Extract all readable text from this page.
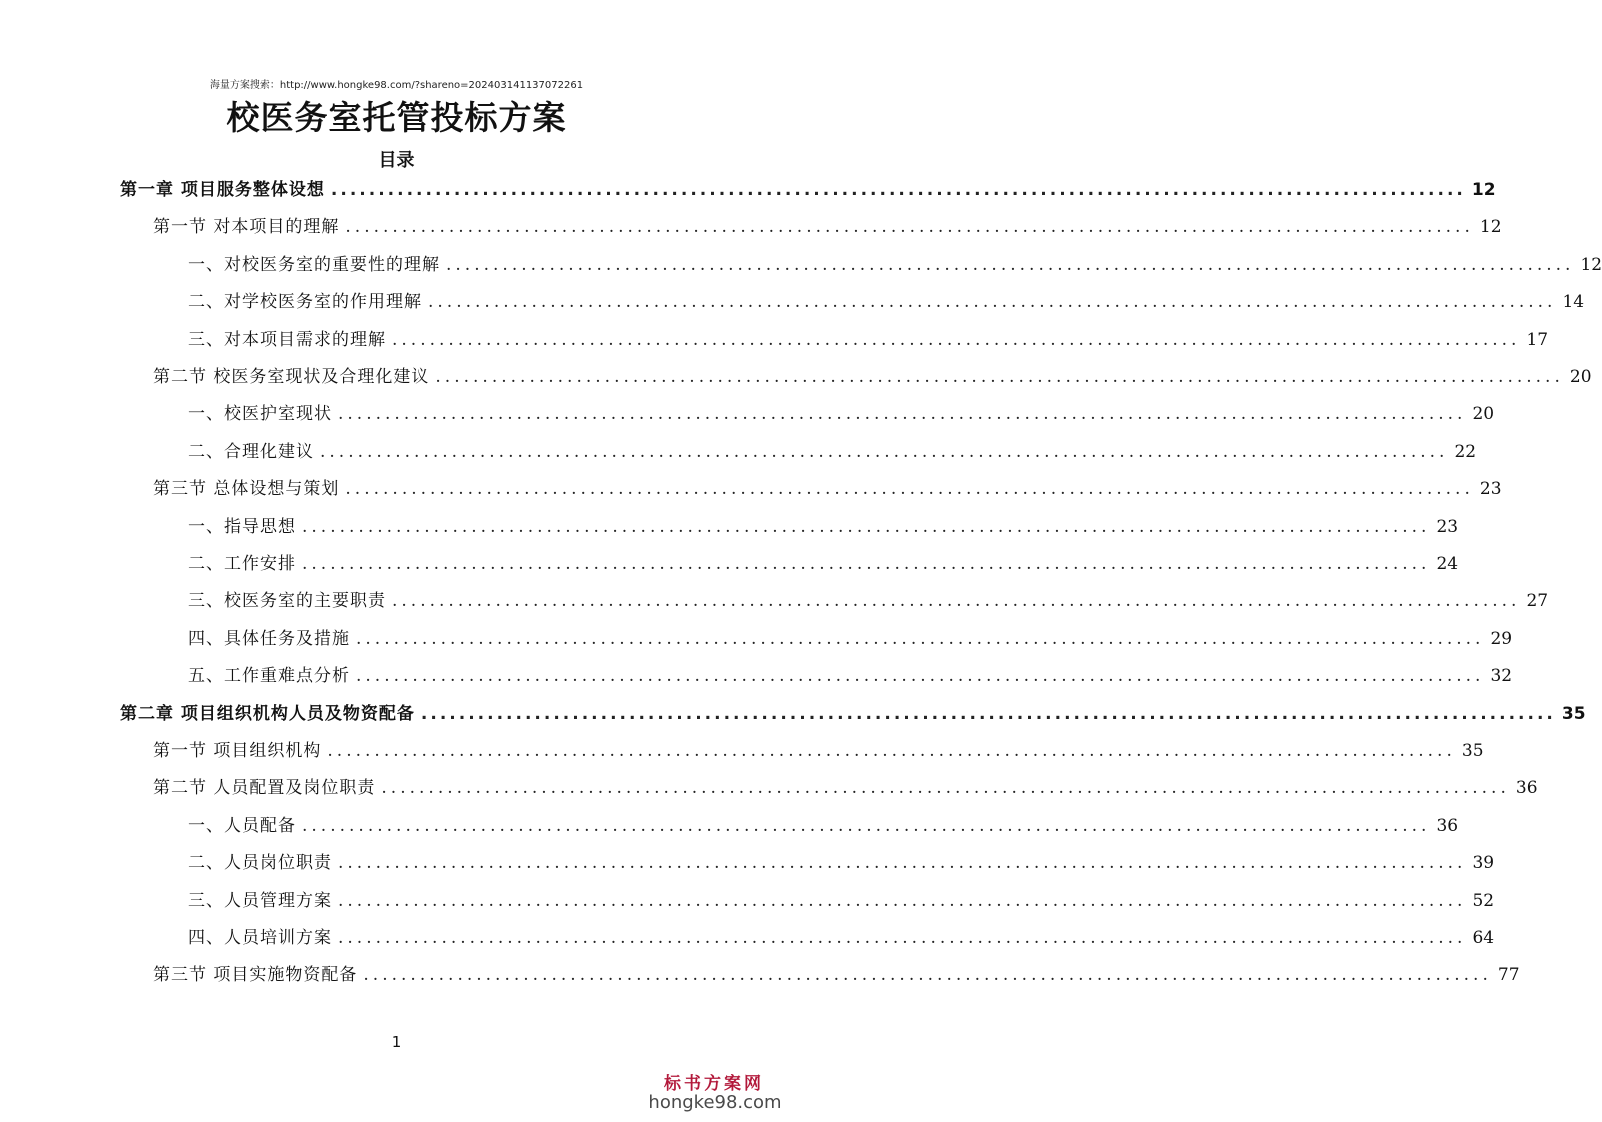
海量方案搜索：http://www.hongke98.com/?shareno=20240314113707226​1
校医务室托管投标方案
目录
第一章 项目服务整体设想 ........................................................................................................................ 12
第一节 对本项目的理解 ........................................................................................................................ 12
一、对校医务室的重要性的理解 ........................................................................................................................ 12
二、对学校医务室的作用理解 ........................................................................................................................ 14
三、对本项目需求的理解 ........................................................................................................................ 17
第二节 校医务室现状及合理化建议 ........................................................................................................................ 20
一、校医护室现状 ........................................................................................................................ 20
二、合理化建议 ........................................................................................................................ 22
第三节 总体设想与策划 ........................................................................................................................ 23
一、指导思想 ........................................................................................................................ 23
二、工作安排 ........................................................................................................................ 24
三、校医务室的主要职责 ........................................................................................................................ 27
四、具体任务及措施 ........................................................................................................................ 29
五、工作重难点分析 ........................................................................................................................ 32
第二章 项目组织机构人员及物资配备 ........................................................................................................................ 35
第一节 项目组织机构 ........................................................................................................................ 35
第二节 人员配置及岗位职责 ........................................................................................................................ 36
一、人员配备 ........................................................................................................................ 36
二、人员岗位职责 ........................................................................................................................ 39
三、人员管理方案 ........................................................................................................................ 52
四、人员培训方案 ........................................................................................................................ 64
第三节 项目实施物资配备 ........................................................................................................................ 77
1
标书方案网
hongke98.com
